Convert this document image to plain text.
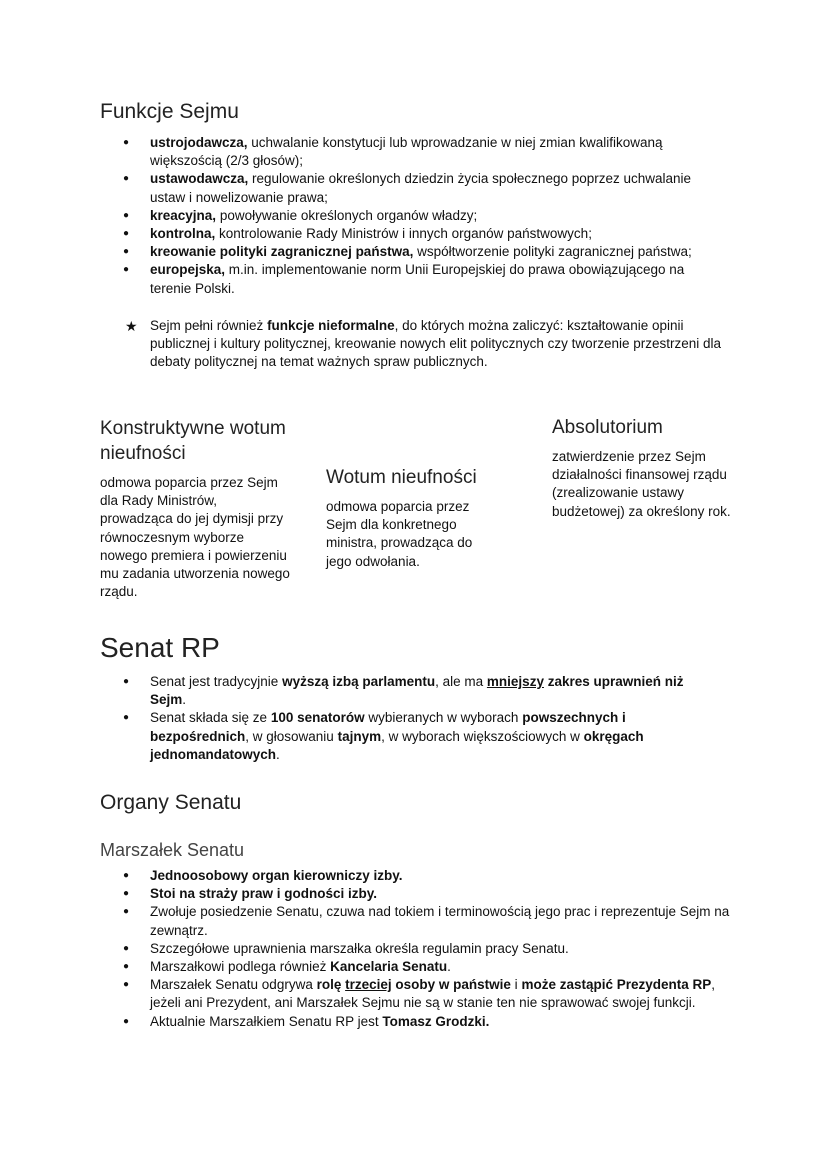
Funkcje Sejmu
● ustrojodawcza, uchwalanie konstytucji lub wprowadzanie w niej zmian kwalifikowaną większością (2/3 głosów);
● ustawodawcza, regulowanie określonych dziedzin życia społecznego poprzez uchwalanie ustaw i nowelizowanie prawa;
● kreacyjna, powoływanie określonych organów władzy;
● kontrolna, kontrolowanie Rady Ministrów i innych organów państwowych;
● kreowanie polityki zagranicznej państwa, współtworzenie polityki zagranicznej państwa;
● europejska, m.in. implementowanie norm Unii Europejskiej do prawa obowiązującego na terenie Polski.
★ Sejm pełni również funkcje nieformalne, do których można zaliczyć: kształtowanie opinii publicznej i kultury politycznej, kreowanie nowych elit politycznych czy tworzenie przestrzeni dla debaty politycznej na temat ważnych spraw publicznych.
Konstruktywne wotum nieufności
odmowa poparcia przez Sejm dla Rady Ministrów, prowadząca do jej dymisji przy równoczesnym wyborze nowego premiera i powierzeniu mu zadania utworzenia nowego rządu.
Wotum nieufności
odmowa poparcia przez Sejm dla konkretnego ministra, prowadząca do jego odwołania.
Absolutorium
zatwierdzenie przez Sejm działalności finansowej rządu (zrealizowanie ustawy budżetowej) za określony rok.
Senat RP
● Senat jest tradycyjnie wyższą izbą parlamentu, ale ma mniejszy zakres uprawnień niż Sejm.
● Senat składa się ze 100 senatorów wybieranych w wyborach powszechnych i bezpośrednich, w głosowaniu tajnym, w wyborach większościowych w okręgach jednomandatowych.
Organy Senatu
Marszałek Senatu
● Jednoosobowy organ kierowniczy izby.
● Stoi na straży praw i godności izby.
● Zwołuje posiedzenie Senatu, czuwa nad tokiem i terminowością jego prac i reprezentuje Sejm na zewnątrz.
● Szczegółowe uprawnienia marszałka określa regulamin pracy Senatu.
● Marszałkowi podlega również Kancelaria Senatu.
● Marszałek Senatu odgrywa rolę trzeciej osoby w państwie i może zastąpić Prezydenta RP, jeżeli ani Prezydent, ani Marszałek Sejmu nie są w stanie ten nie sprawować swojej funkcji.
● Aktualnie Marszałkiem Senatu RP jest Tomasz Grodzki.
